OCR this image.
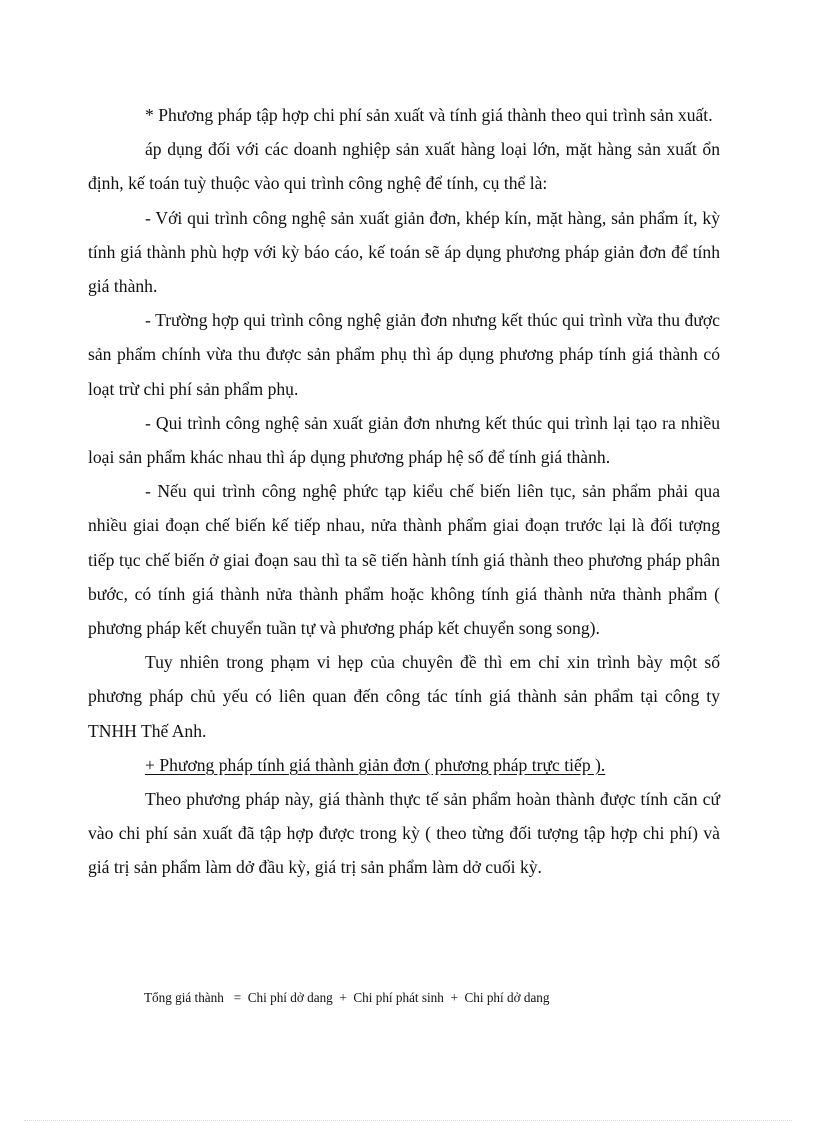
* Phương pháp tập hợp chi phí sản xuất và tính giá thành theo qui trình sản xuất.

áp dụng đối với các doanh nghiệp sản xuất hàng loại lớn, mặt hàng sản xuất ổn định, kế toán tuỳ thuộc vào qui trình công nghệ để tính, cụ thể là:

- Với qui trình công nghệ sản xuất giản đơn, khép kín, mặt hàng, sản phẩm ít, kỳ tính giá thành phù hợp với kỳ báo cáo, kế toán sẽ áp dụng phương pháp giản đơn để tính giá thành.

- Trường hợp qui trình công nghệ giản đơn nhưng kết thúc qui trình vừa thu được sản phẩm chính vừa thu được sản phẩm phụ thì áp dụng phương pháp tính giá thành có loạt trừ chi phí sản phẩm phụ.

- Qui trình công nghệ sản xuất giản đơn nhưng kết thúc qui trình lại tạo ra nhiều loại sản phẩm khác nhau thì áp dụng phương pháp hệ số để tính giá thành.

- Nếu qui trình công nghệ phức tạp kiểu chế biến liên tục, sản phẩm phải qua nhiều giai đoạn chế biến kế tiếp nhau, nửa thành phẩm giai đoạn trước lại là đối tượng tiếp tục chế biến ở giai đoạn sau thì ta sẽ tiến hành tính giá thành theo phương pháp phân bước, có tính giá thành nửa thành phẩm hoặc không tính giá thành nửa thành phẩm ( phương pháp kết chuyển tuần tự và phương pháp kết chuyển song song).

Tuy nhiên trong phạm vi hẹp của chuyên đề thì em chỉ xin trình bày một số phương pháp chủ yếu có liên quan đến công tác tính giá thành sản phẩm tại công ty TNHH Thế Anh.

+ Phương pháp tính giá thành giản đơn ( phương pháp trực tiếp ).

Theo phương pháp này, giá thành thực tế sản phẩm hoàn thành được tính căn cứ vào chi phí sản xuất đã tập hợp được trong kỳ ( theo từng đối tượng tập hợp chi phí) và giá trị sản phẩm làm dở đầu kỳ, giá trị sản phẩm làm dở cuối kỳ.

Tổng giá thành   =  Chi phí dở dang  +  Chi phí phát sinh  +  Chi phí dở dang
